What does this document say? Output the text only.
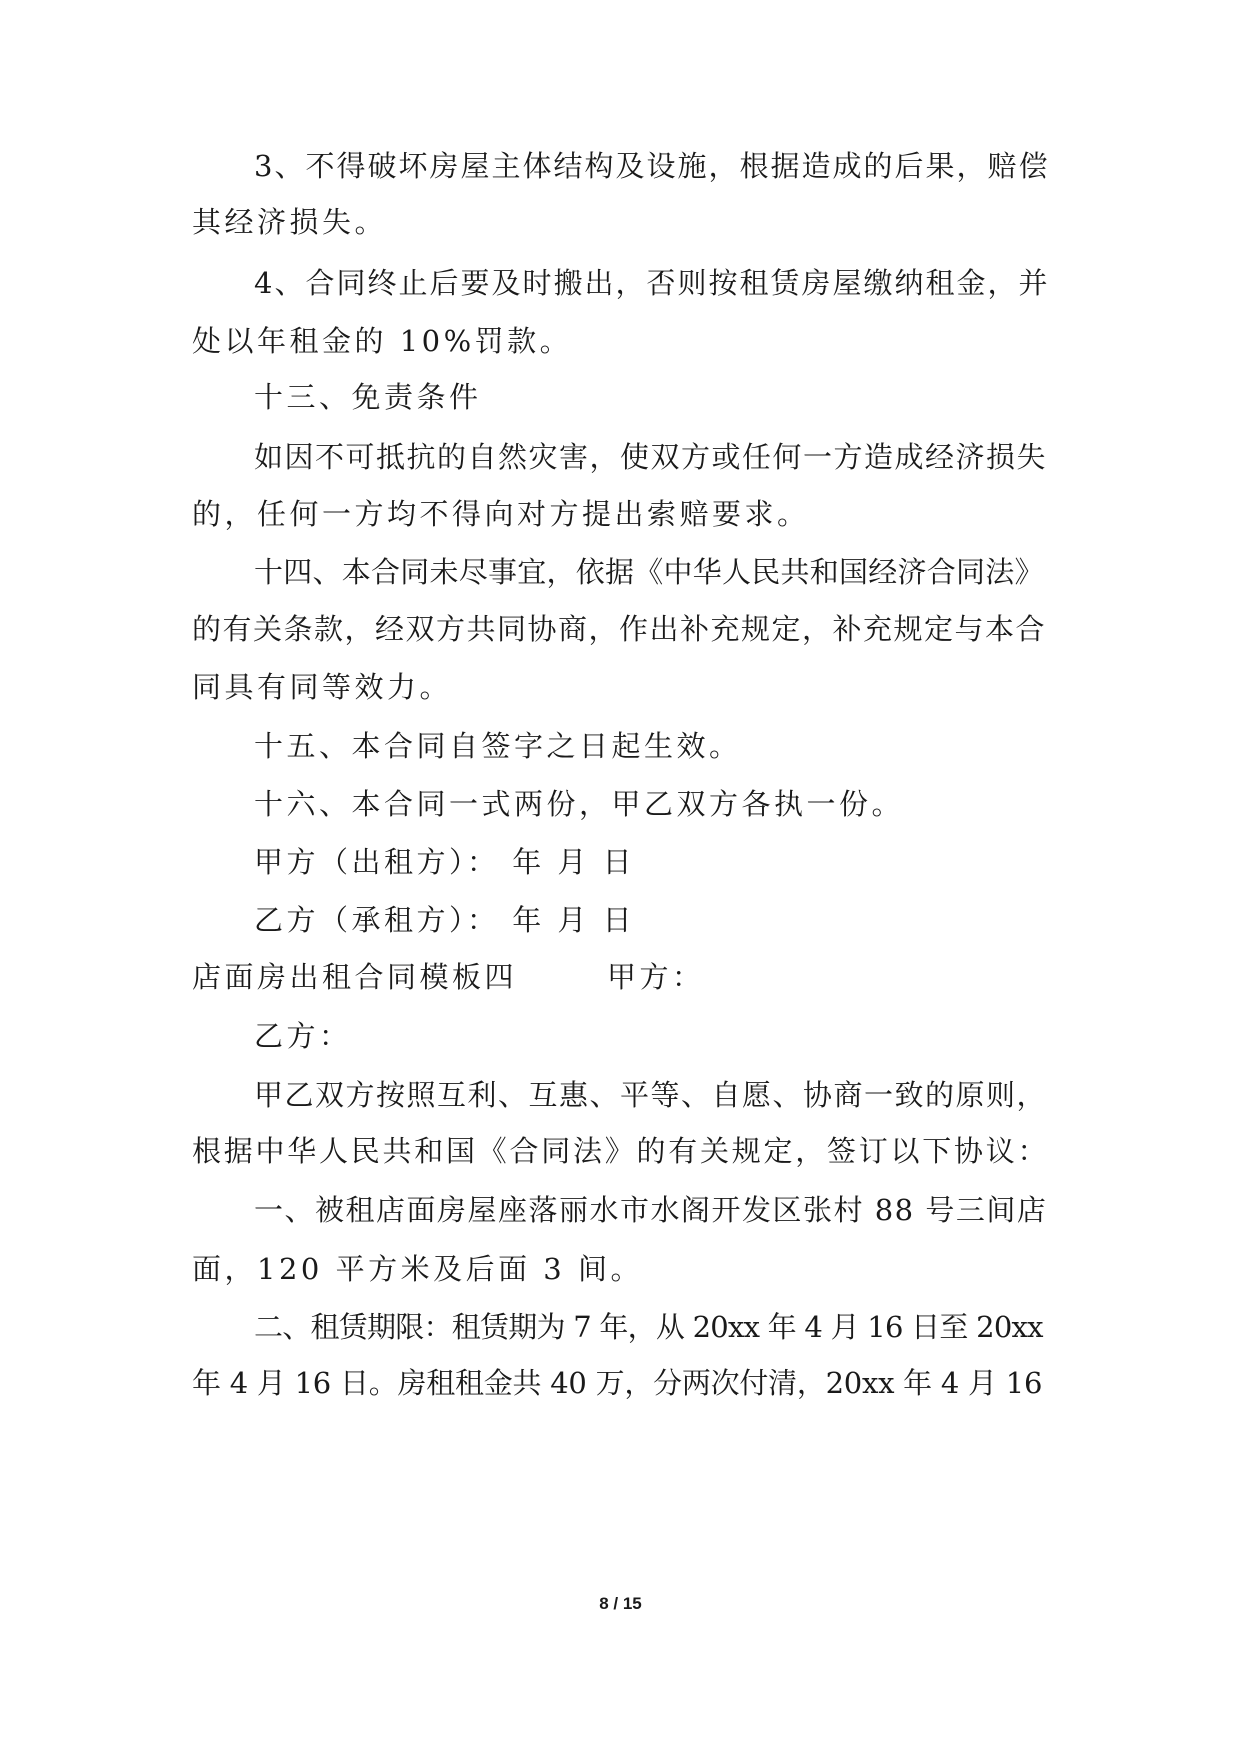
3、不得破坏房屋主体结构及设施，根据造成的后果，赔偿
其经济损失。
4、合同终止后要及时搬出，否则按租赁房屋缴纳租金，并
处以年租金的 10%罚款。
十三、免责条件
如因不可抵抗的自然灾害，使双方或任何一方造成经济损失
的，任何一方均不得向对方提出索赔要求。
十四、本合同未尽事宜，依据《中华人民共和国经济合同法》
的有关条款，经双方共同协商，作出补充规定，补充规定与本合
同具有同等效力。
十五、本合同自签字之日起生效。
十六、本合同一式两份，甲乙双方各执一份。
甲方（出租方）： 年 月 日
乙方（承租方）： 年 月 日
店面房出租合同模板四	甲方：
乙方：
甲乙双方按照互利、互惠、平等、自愿、协商一致的原则，
根据中华人民共和国《合同法》的有关规定，签订以下协议：
一、被租店面房屋座落丽水市水阁开发区张村 88 号三间店
面，120 平方米及后面 3 间。
二、租赁期限：租赁期为 7 年，从 20xx 年 4 月 16 日至 20xx
年 4 月 16 日。房租租金共 40 万，分两次付清，20xx 年 4 月 16
8 / 15
